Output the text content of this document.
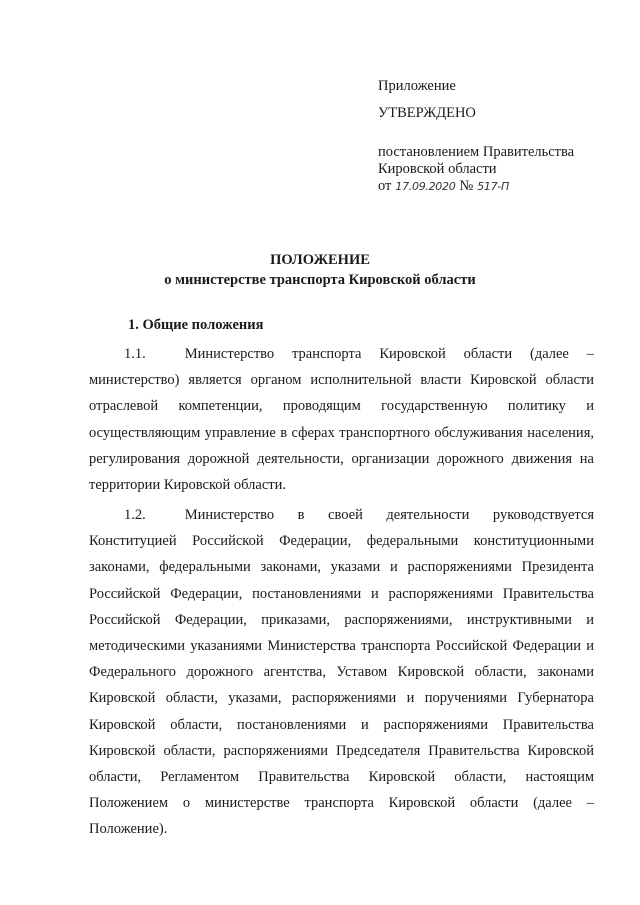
Приложение
УТВЕРЖДЕНО
постановлением Правительства
Кировской области
от 17.09.2020 № 517-П
ПОЛОЖЕНИЕ
о министерстве транспорта Кировской области
1. Общие положения

1.1.	Министерство транспорта Кировской области (далее – министерство) является органом исполнительной власти Кировской области отраслевой компетенции, проводящим государственную политику и осуществляющим управление в сферах транспортного обслуживания населения, регулирования дорожной деятельности, организации дорожного движения на территории Кировской области.

1.2.	Министерство в своей деятельности руководствуется Конституцией Российской Федерации, федеральными конституционными законами, федеральными законами, указами и распоряжениями Президента Российской Федерации, постановлениями и распоряжениями Правительства Российской Федерации, приказами, распоряжениями, инструктивными и методическими указаниями Министерства транспорта Российской Федерации и Федерального дорожного агентства, Уставом Кировской области, законами Кировской области, указами, распоряжениями и поручениями Губернатора Кировской области, постановлениями и распоряжениями Правительства Кировской области, распоряжениями Председателя Правительства Кировской области, Регламентом Правительства Кировской области, настоящим Положением о министерстве транспорта Кировской области (далее – Положение).
